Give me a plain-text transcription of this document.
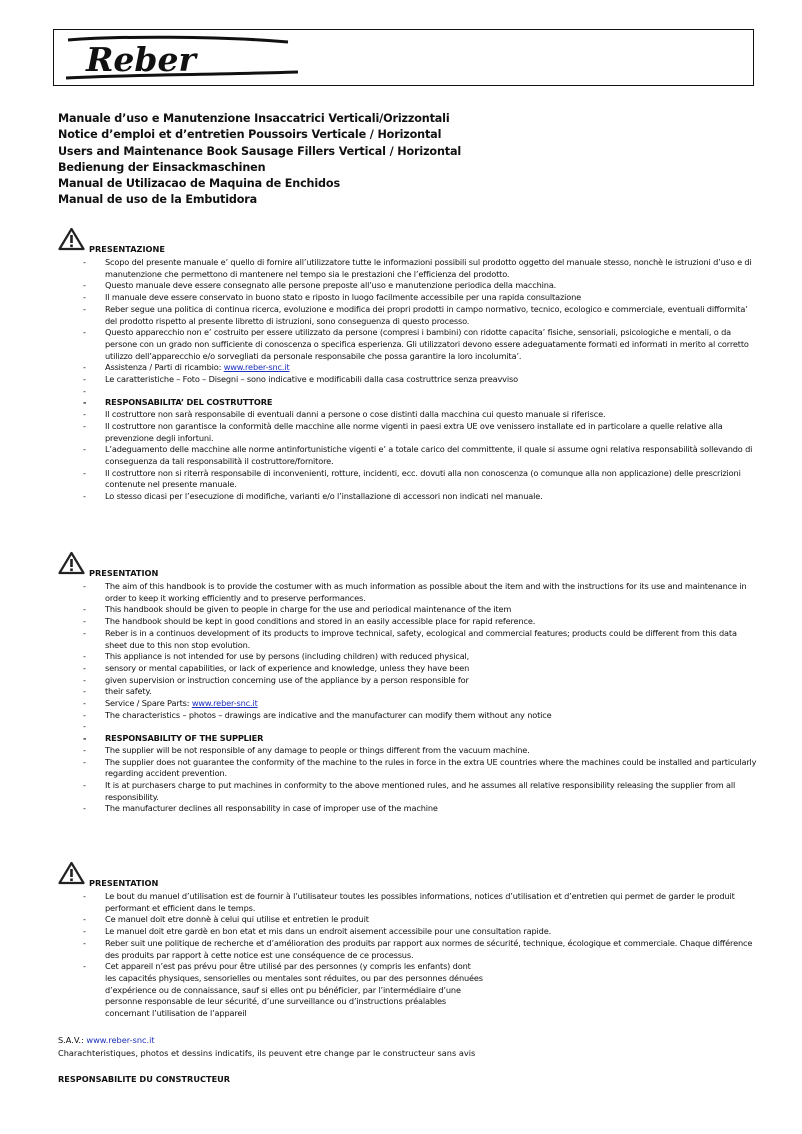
Reber
Manuale d’uso e Manutenzione Insaccatrici Verticali/Orizzontali
Notice d’emploi et d’entretien Poussoirs Verticale / Horizontal
Users and Maintenance Book Sausage Fillers Vertical / Horizontal
Bedienung der Einsackmaschinen
Manual de Utilizacao de Maquina de Enchidos
Manual de uso de la Embutidora
PRESENTAZIONE
- Scopo del presente manuale e’ quello di fornire all’utilizzatore tutte le informazioni possibili sul prodotto oggetto del manuale stesso, nonchè le istruzioni d’uso e di manutenzione che permettono di mantenere nel tempo sia le prestazioni che l’efficienza del prodotto.
- Questo manuale deve essere consegnato alle persone preposte all’uso e manutenzione periodica della macchina.
- Il manuale deve essere conservato in buono stato e riposto in luogo facilmente accessibile per una rapida consultazione
- Reber segue una politica di continua ricerca, evoluzione e modifica dei propri prodotti in campo normativo, tecnico, ecologico e commerciale, eventuali difformita’ del prodotto rispetto al presente libretto di istruzioni, sono conseguenza di questo processo.
- Questo apparecchio non e’ costruito per essere utilizzato da persone (compresi i bambini) con ridotte capacita’ fisiche, sensoriali, psicologiche e mentali, o da persone con un grado non sufficiente di conoscenza o specifica esperienza. Gli utilizzatori devono essere adeguatamente formati ed informati in merito al corretto utilizzo dell’apparecchio e/o sorvegliati da personale responsabile che possa garantire la loro incolumita’.
- Assistenza / Parti di ricambio: www.reber-snc.it
- Le caratteristiche – Foto – Disegni – sono indicative e modificabili dalla casa costruttrice senza preavviso
-

- RESPONSABILITA’ DEL COSTRUTTORE
- Il costruttore non sarà responsabile di eventuali danni a persone o cose distinti dalla macchina cui questo manuale si riferisce.
- Il costruttore non garantisce la conformità delle macchine alle norme vigenti in paesi extra UE ove venissero installate ed in particolare a quelle relative alla prevenzione degli infortuni.
- L’adeguamento delle macchine alle norme antinfortunistiche vigenti e’ a totale carico del committente, il quale si assume ogni relativa responsabilità sollevando di conseguenza da tali responsabilità il costruttore/fornitore.
- Il costruttore non si riterrà responsabile di inconvenienti, rotture, incidenti, ecc. dovuti alla non conoscenza (o comunque alla non applicazione) delle prescrizioni contenute nel presente manuale.
- Lo stesso dicasi per l’esecuzione di modifiche, varianti e/o l’installazione di accessori non indicati nel manuale.
PRESENTATION
- The aim of this handbook is to provide the costumer with as much information as possible about the item and with the instructions for its use and maintenance in order to keep it working efficiently and to preserve performances.
- This handbook should be given to people in charge for the use and periodical maintenance of the item
- The handbook should be kept in good conditions and stored in an easily accessible place for rapid reference.
- Reber is in a continuos development of its products to improve technical, safety, ecological and commercial features; products could be different from this data sheet due to this non stop evolution.
- This appliance is not intended for use by persons (including children) with reduced physical,
- sensory or mental capabilities, or lack of experience and knowledge, unless they have been
- given supervision or instruction concerning use of the appliance by a person responsible for
- their safety.
- Service / Spare Parts: www.reber-snc.it
- The characteristics – photos – drawings are indicative and the manufacturer can modify them without any notice
-

- RESPONSABILITY OF THE SUPPLIER
- The supplier will be not responsible of any damage to people or things different from the vacuum machine.
- The supplier does not guarantee the conformity of the machine to the rules in force in the extra UE countries where the machines could be installed and particularly regarding accident prevention.
- It is at purchasers charge to put machines in conformity to the above mentioned rules, and he assumes all relative responsibility releasing the supplier from all responsibility.
- The manufacturer declines all responsability in case of improper use of the machine
PRESENTATION
- Le bout du manuel d’utilisation est de fournir à l’utilisateur toutes les possibles informations, notices d’utilisation et d’entretien qui permet de garder le produit performant et efficient dans le temps.
- Ce manuel doit etre donnè à celui qui utilise et entretien le produit
- Le manuel doit etre gardè en bon etat et mis dans un endroit aisement accessibile pour une consultation rapide.
- Reber suit une politique de recherche et d’amélioration des produits par rapport aux normes de sécurité, technique, écologique et commerciale. Chaque différence des produits par rapport à cette notice est une conséquence de ce processus.
- Cet appareil n’est pas prévu pour être utilisé par des personnes (y compris les enfants) dont
les capacités physiques, sensorielles ou mentales sont réduites, ou par des personnes dénuées
d’expérience ou de connaissance, sauf si elles ont pu bénéficier, par l’intermédiaire d’une
personne responsable de leur sécurité, d’une surveillance ou d’instructions préalables
concernant l’utilisation de l’appareil
S.A.V.: www.reber-snc.it
Charachteristiques, photos et dessins indicatifs, ils peuvent etre change par le constructeur sans avis
RESPONSABILITE DU CONSTRUCTEUR
